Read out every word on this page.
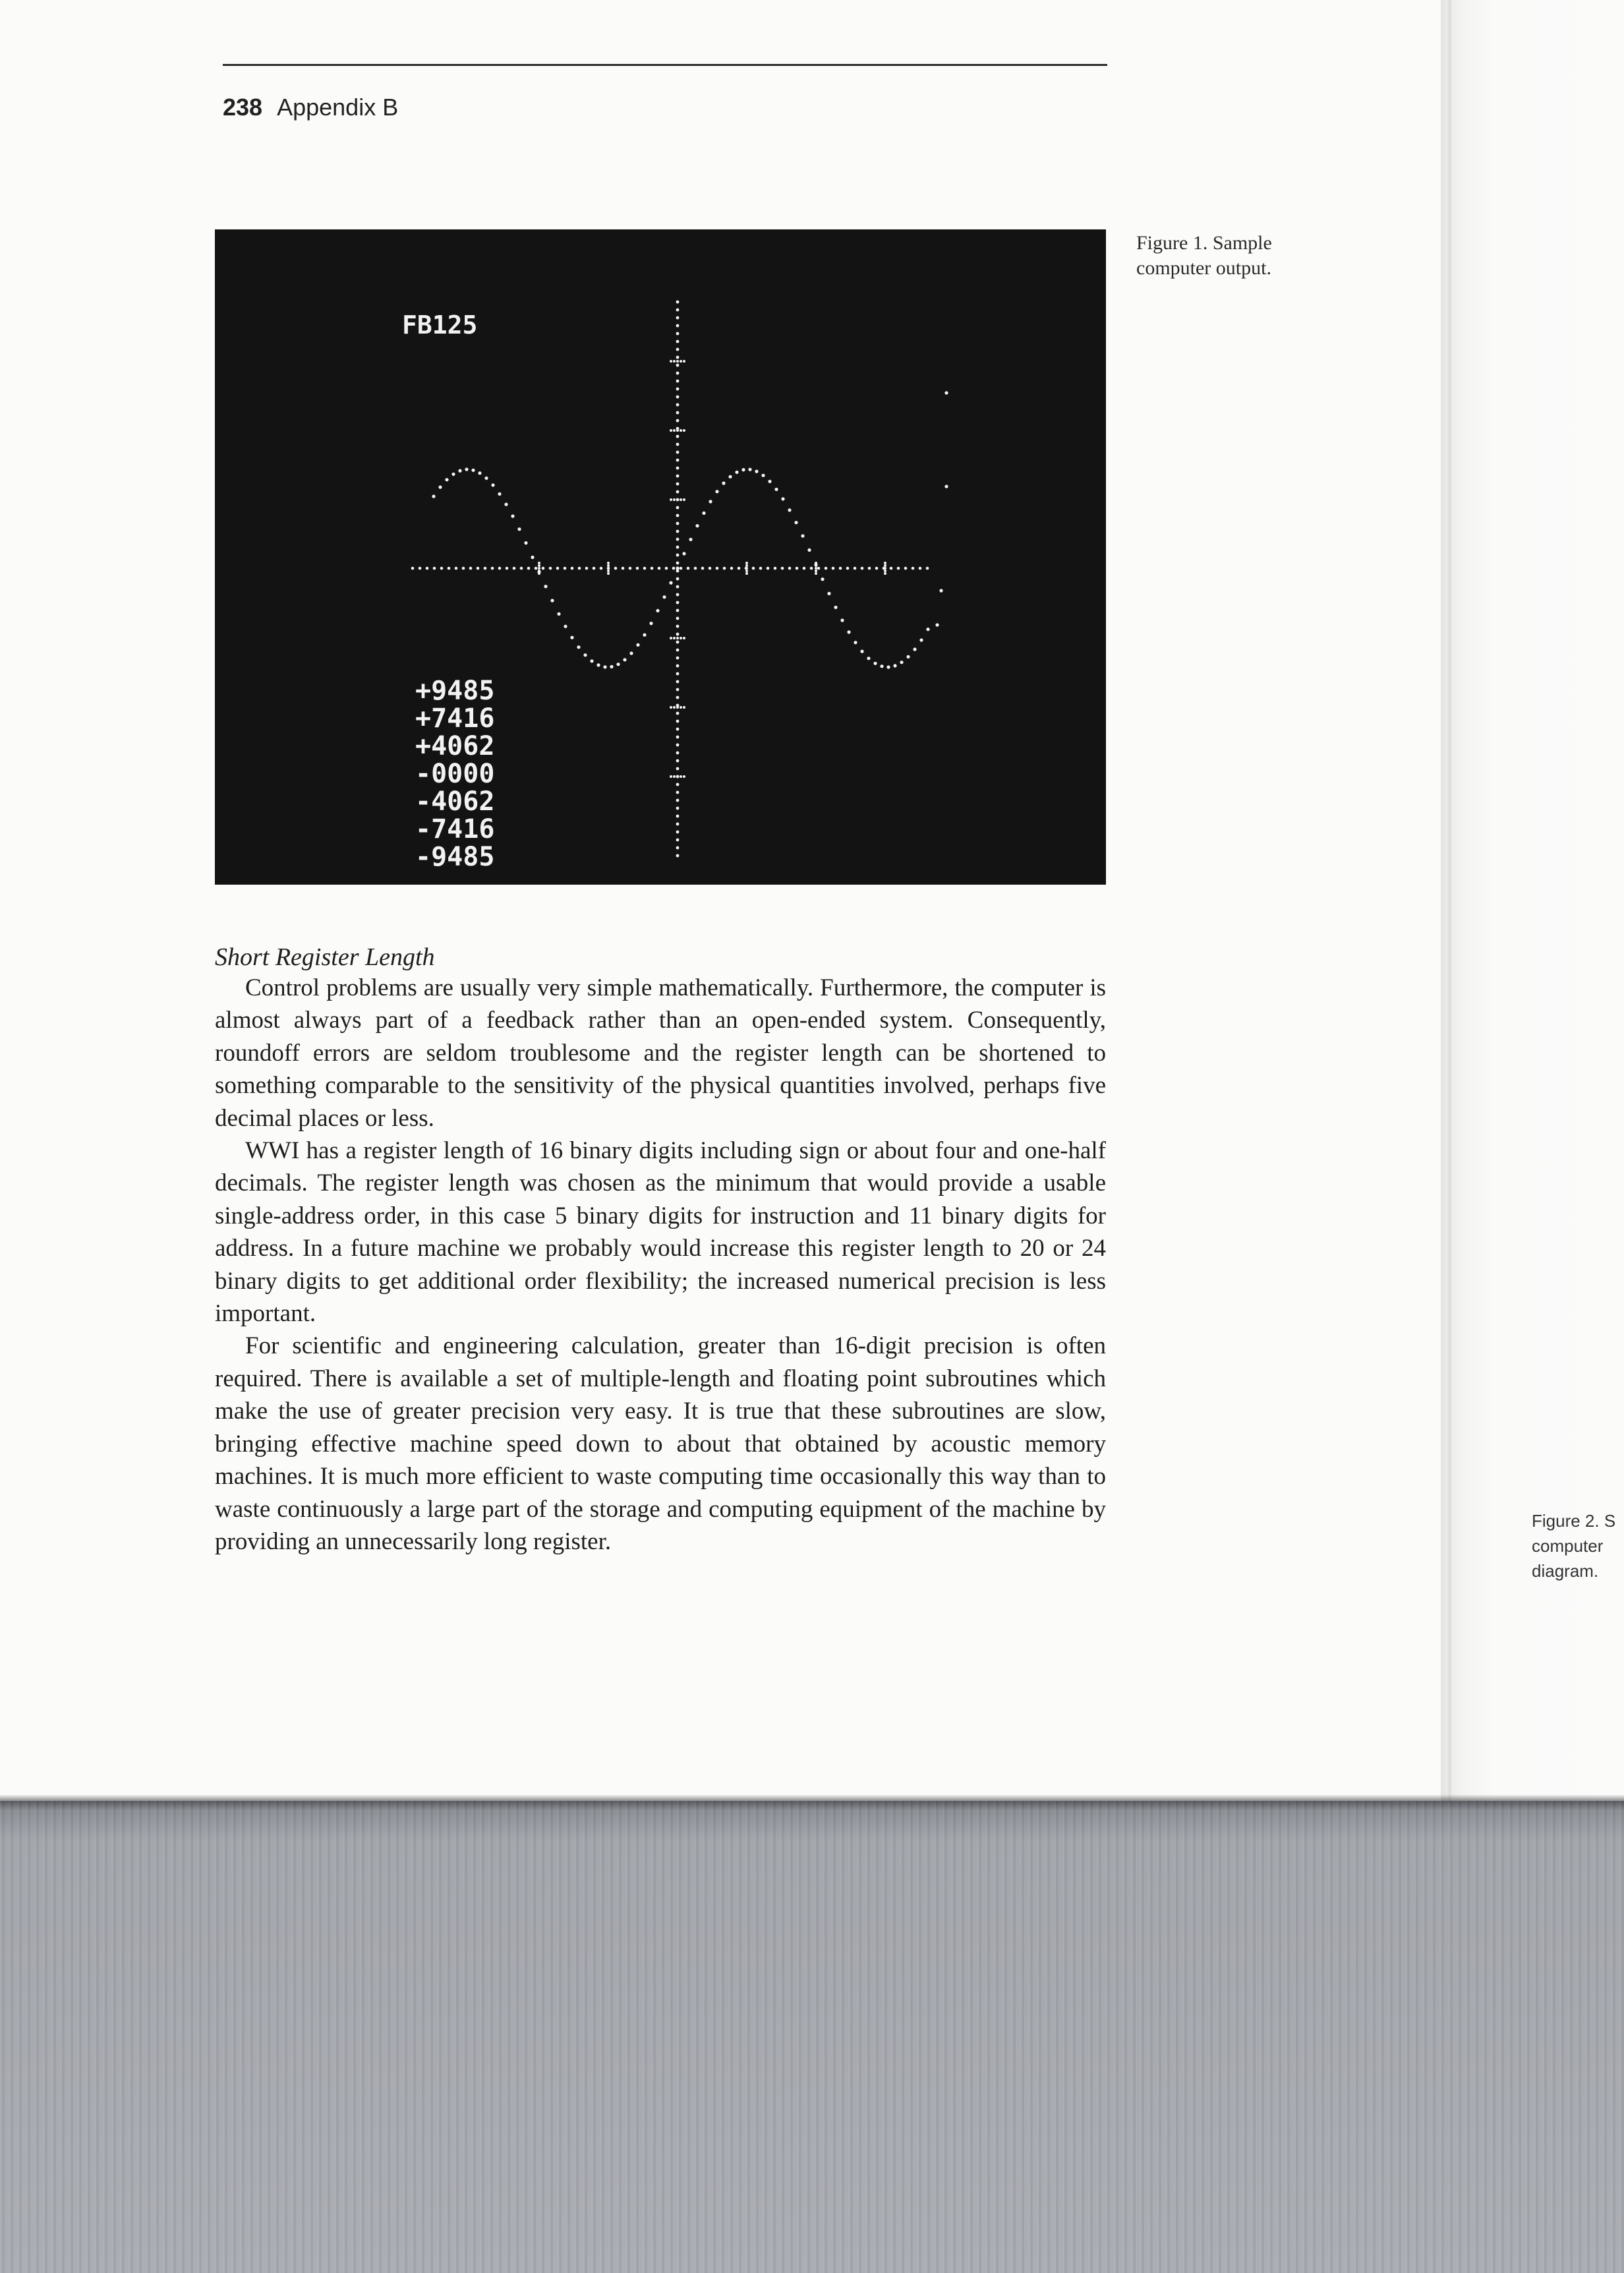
238 Appendix B
FB125
+9485
+7416
+4062
-0000
-4062
-7416
-9485
Figure 1. Sample
computer output.
Figure 2. S
computer
diagram.
Short Register Length

Control problems are usually very simple mathematically. Furthermore, the computer is almost always part of a feedback rather than an open-ended system. Consequently, roundoff errors are seldom troublesome and the register length can be shortened to something comparable to the sensitivity of the physical quantities involved, perhaps five decimal places or less.

WWI has a register length of 16 binary digits including sign or about four and one-half decimals. The register length was chosen as the minimum that would provide a usable single-address order, in this case 5 binary digits for instruction and 11 binary digits for address. In a future machine we probably would increase this register length to 20 or 24 binary digits to get additional order flexibility; the increased numerical precision is less important.

For scientific and engineering calculation, greater than 16-digit precision is often required. There is available a set of multiple-length and floating point subroutines which make the use of greater precision very easy. It is true that these subroutines are slow, bringing effective machine speed down to about that obtained by acoustic memory machines. It is much more efficient to waste computing time occasionally this way than to waste continuously a large part of the storage and computing equipment of the machine by providing an unnecessarily long register.
